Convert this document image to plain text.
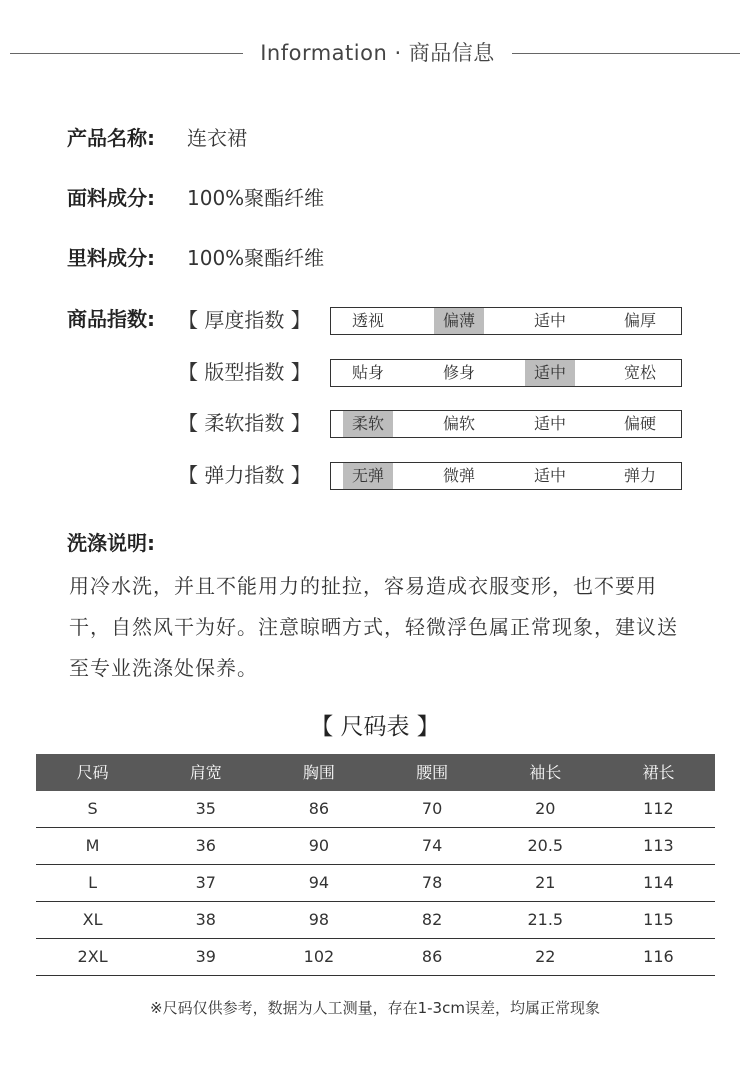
Information · 商品信息
产品名称: 连衣裙
面料成分: 100%聚酯纤维
里料成分: 100%聚酯纤维
商品指数: 【 厚度指数 】	透视	偏薄	适中	偏厚
【 版型指数 】	贴身	修身	适中	宽松
【 柔软指数 】	柔软	偏软	适中	偏硬
【 弹力指数 】	无弹	微弹	适中	弹力
洗涤说明:
用冷水洗，并且不能用力的扯拉，容易造成衣服变形，也不要用
干，自然风干为好。注意晾晒方式，轻微浮色属正常现象，建议送
至专业洗涤处保养。
【 尺码表 】
尺码	肩宽	胸围	腰围	袖长	裙长
S	35	86	70	20	112
M	36	90	74	20.5	113
L	37	94	78	21	114
XL	38	98	82	21.5	115
2XL	39	102	86	22	116
※尺码仅供参考，数据为人工测量，存在1-3cm误差，均属正常现象
